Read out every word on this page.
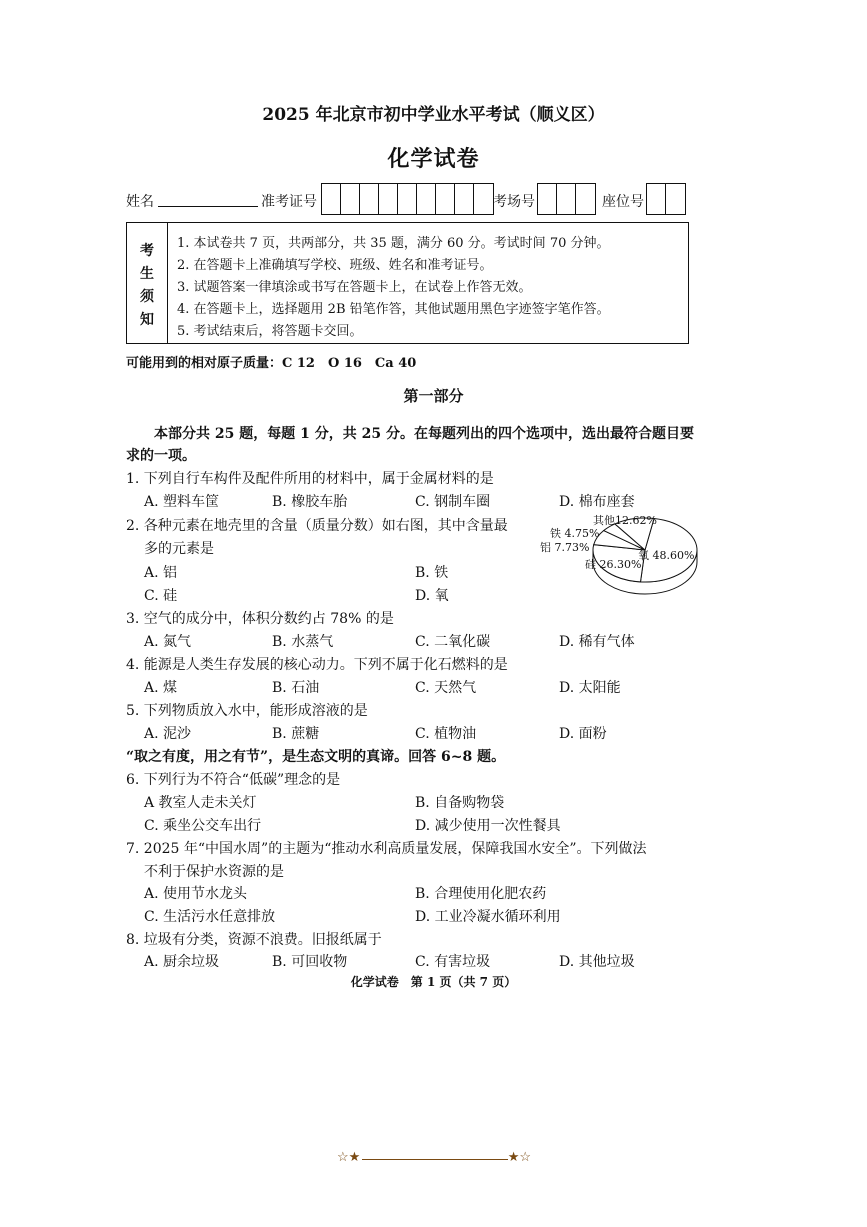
2025 年北京市初中学业水平考试（顺义区）
化学试卷
姓名	准考证号	考场号	座位号
考
生
须
知
1. 本试卷共 7 页，共两部分，共 35 题，满分 60 分。考试时间 70 分钟。
2. 在答题卡上准确填写学校、班级、姓名和准考证号。
3. 试题答案一律填涂或书写在答题卡上，在试卷上作答无效。
4. 在答题卡上，选择题用 2B 铅笔作答，其他试题用黑色字迹签字笔作答。
5. 考试结束后，将答题卡交回。
可能用到的相对原子质量：C 12　O 16　Ca 40
第一部分
本部分共 25 题，每题 1 分，共 25 分。在每题列出的四个选项中，选出最符合题目要
求的一项。
1. 下列自行车构件及配件所用的材料中，属于金属材料的是
A. 塑料车筐	B. 橡胶车胎	C. 钢制车圈	D. 棉布座套
2. 各种元素在地壳里的含量（质量分数）如右图，其中含量最
多的元素是
A. 铝	B. 铁
C. 硅	D. 氧
氧 48.60%
硅 26.30%
铝 7.73%
铁 4.75%
其他12.62%
3. 空气的成分中，体积分数约占 78% 的是
A. 氮气	B. 水蒸气	C. 二氧化碳	D. 稀有气体
4. 能源是人类生存发展的核心动力。下列不属于化石燃料的是
A. 煤	B. 石油	C. 天然气	D. 太阳能
5. 下列物质放入水中，能形成溶液的是
A. 泥沙	B. 蔗糖	C. 植物油	D. 面粉
“取之有度，用之有节”，是生态文明的真谛。回答 6~8 题。
6. 下列行为不符合“低碳”理念的是
A 教室人走未关灯	B. 自备购物袋
C. 乘坐公交车出行	D. 减少使用一次性餐具
7. 2025 年“中国水周”的主题为“推动水利高质量发展，保障我国水安全”。下列做法
不利于保护水资源的是
A. 使用节水龙头	B. 合理使用化肥农药
C. 生活污水任意排放	D. 工业冷凝水循环利用
8. 垃圾有分类，资源不浪费。旧报纸属于
A. 厨余垃圾	B. 可回收物	C. 有害垃圾	D. 其他垃圾
化学试卷　第 1 页（共 7 页）
☆★	★☆
